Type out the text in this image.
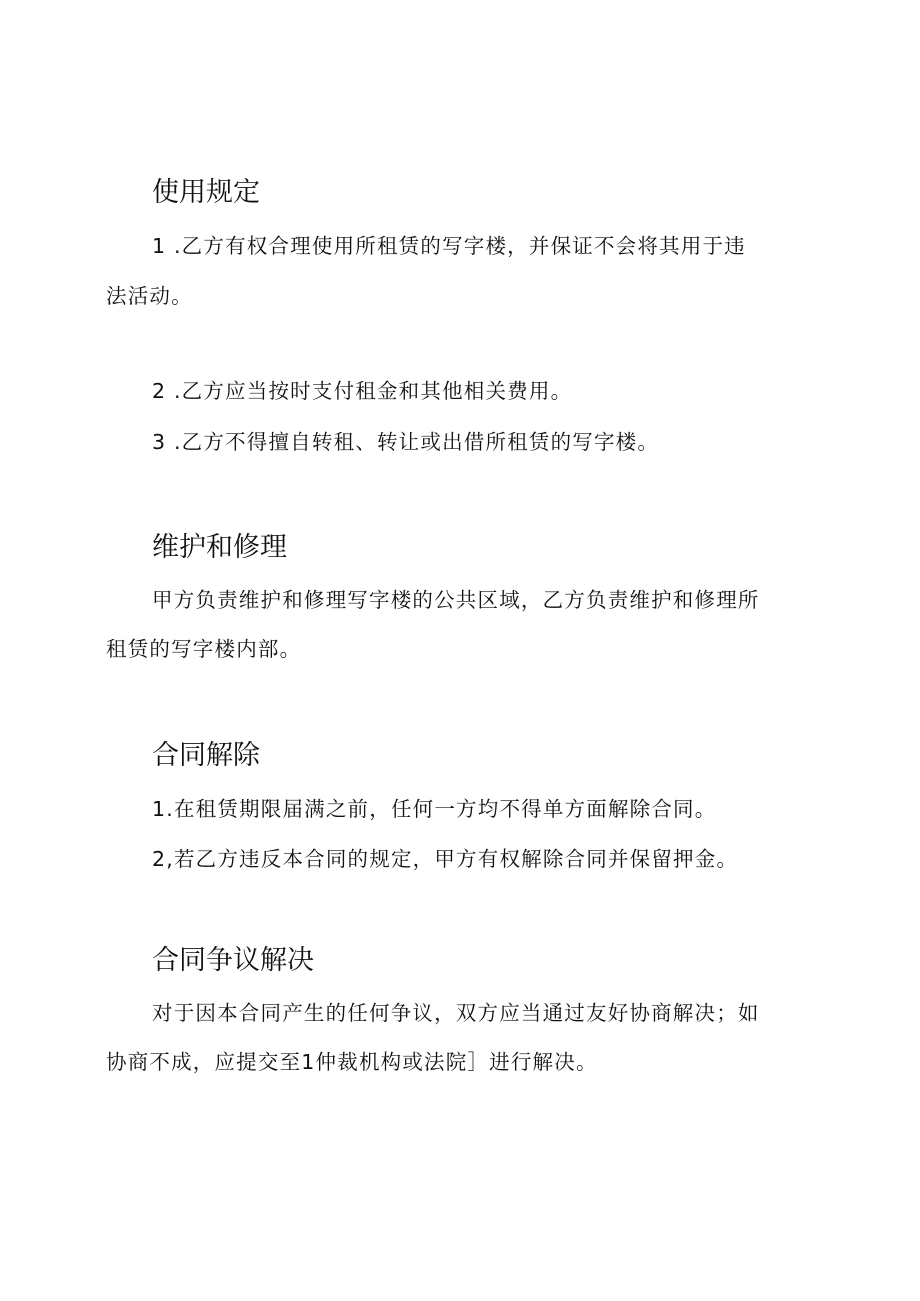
使用规定

1 .乙方有权合理使用所租赁的写字楼，并保证不会将其用于违

法活动。

2 .乙方应当按时支付租金和其他相关费用。

3 .乙方不得擅自转租、转让或出借所租赁的写字楼。

维护和修理

甲方负责维护和修理写字楼的公共区域，乙方负责维护和修理所

租赁的写字楼内部。

合同解除

1.在租赁期限届满之前，任何一方均不得单方面解除合同。

2,若乙方违反本合同的规定，甲方有权解除合同并保留押金。

合同争议解决

对于因本合同产生的任何争议，双方应当通过友好协商解决；如

协商不成，应提交至1仲裁机构或法院］进行解决。
